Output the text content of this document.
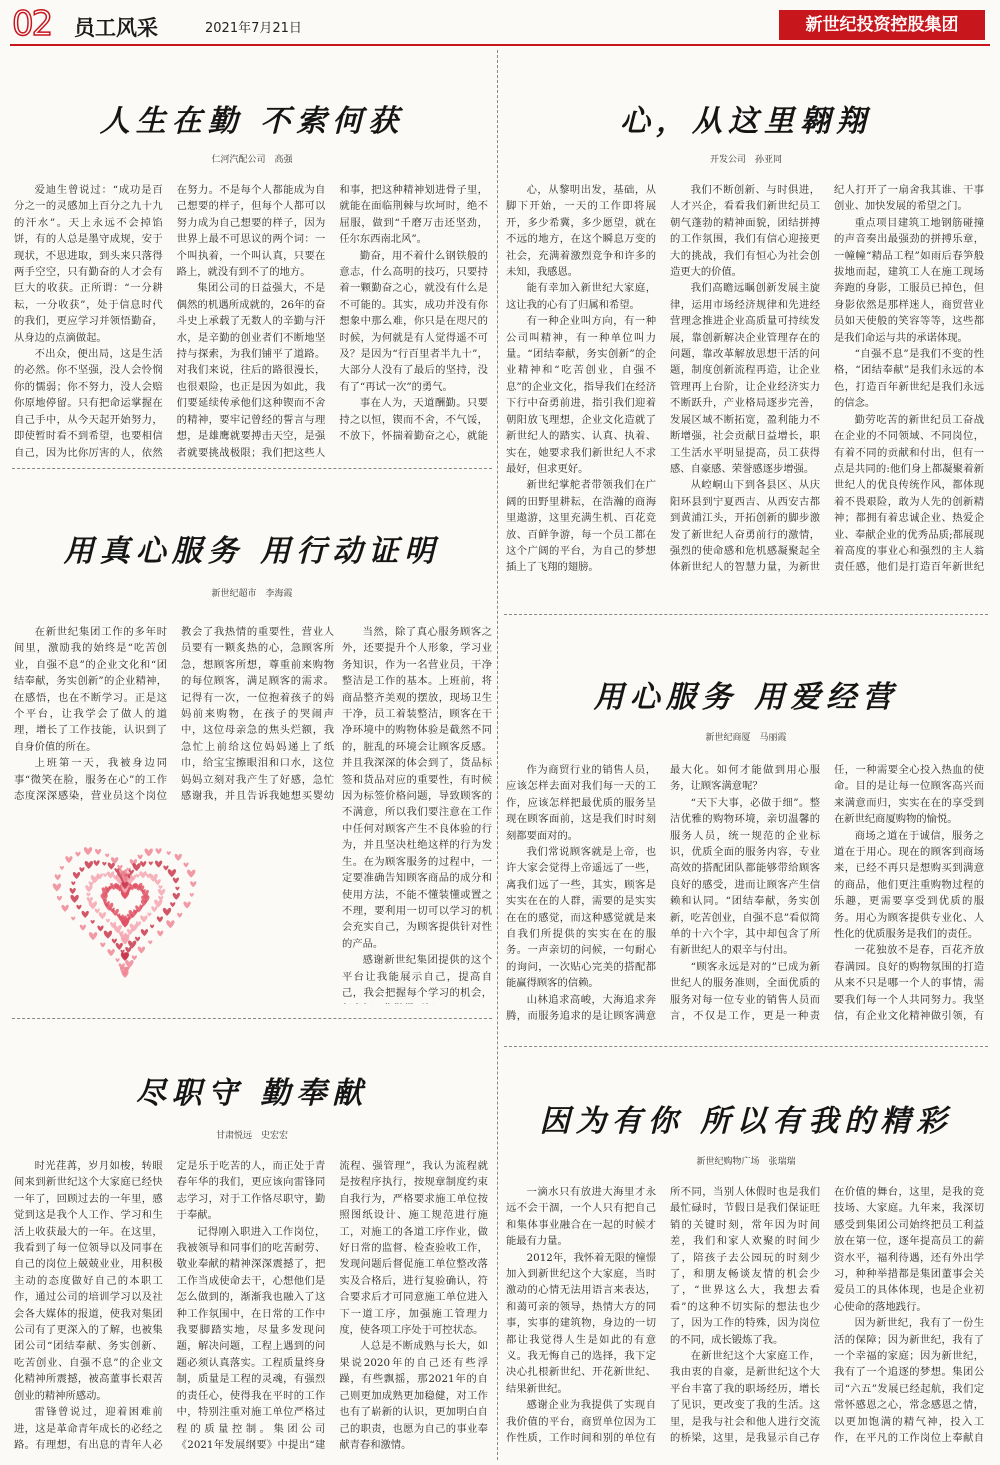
02 员工风采	2021年7月21日	新世纪投资控股集团
人生在勤 不索何获
仁河汽配公司　高强

爱迪生曾说过：“成功是百分之一的灵感加上百分之九十九的汗水”。天上永远不会掉馅饼，有的人总是墨守成规，安于现状，不思进取，到头来只落得两手空空，只有勤奋的人才会有巨大的收获。正所谓：“一分耕耘，一分收获”，处于信息时代的我们，更应学习并领悟勤奋，从身边的点滴做起。

不出众，便出局，这是生活的必然。你不坚强，没人会怜悯你的懦弱；你不努力，没人会赔你原地停留。只有把命运掌握在自己手中，从今天起开始努力，即使暂时看不到希望，也要相信自己，因为比你厉害的人，依然在努力。不是每个人都能成为自己想要的样子，但每个人都可以努力成为自己想要的样子，因为世界上最不可思议的两个词：一个叫执着，一个叫认真，只要在路上，就没有到不了的地方。

集团公司的日益强大，不是偶然的机遇所成就的，26年的奋斗史上承载了无数人的辛勤与汗水，是辛勤的创业者们不断地坚持与探索，为我们铺平了道路。对我们来说，往后的路很漫长，也很艰险，也正是因为如此，我们要延续传承他们这种锲而不舍的精神，要牢记曾经的誓言与理想，是雄鹰就要搏击天空，是强者就要挑战极限；我们把这些人和事，把这种精神划进骨子里，就能在面临荆棘与坎坷时，绝不屈服，做到“千磨万击还坚劲，任尔东西南北风”。

勤奋，用不着什么钢铁般的意志，什么高明的技巧，只要持着一颗勤奋之心，就没有什么是不可能的。其实，成功并没有你想象中那么难，你只是在咫尺的时候，为何就是有人觉得遥不可及？是因为“行百里者半九十”，大部分人没有了最后的坚持，没有了“再试一次”的勇气。

事在人为，天道酬勤。只要持之以恒，锲而不舍，不气馁，不放下，怀揣着勤奋之心，就能

心，从这里翱翔
开发公司　孙亚同

心，从黎明出发，基础，从脚下开始，一天的工作即将展开，多少希冀，多少愿望，就在不远的地方，在这个瞬息万变的社会，充满着激烈竞争和许多的未知，我感恩。

能有幸加入新世纪大家庭，这让我的心有了归属和希望。

有一种企业叫方向，有一种公司叫精神，有一种单位叫力量。“团结奉献，务实创新”的企业精神和“吃苦创业，自强不息”的企业文化，指导我们在经济下行中奋勇前进，指引我们迎着朝阳放飞理想，企业文化造就了新世纪人的踏实、认真、执着、实在，她要求我们新世纪人不求最好，但求更好。

新世纪掌舵者带领我们在广阔的田野里耕耘，在浩瀚的商海里遨游，这里充满生机、百花竞放、百鲜争游，每一个员工都在这个广阔的平台，为自己的梦想插上了飞翔的翅膀。

我们不断创新、与时俱进，人才兴企，看看我们新世纪员工朝气蓬勃的精神面貌，团结拼搏的工作氛围，我们有信心迎接更大的挑战，我们有恒心为社会创造更大的价值。

我们高瞻远瞩创新发展主旋律，运用市场经济规律和先进经营理念推进企业高质量可持续发展，靠创新解决企业管理存在的问题，靠改革解放思想干活的问题，制度创新流程再造，让企业管理再上台阶，让企业经济实力不断跃升，产业格局逐步完善，发展区域不断拓宽，盈利能力不断增强，社会贡献日益增长，职工生活水平明显提高，员工获得感、自豪感、荣誉感逐步增强。

从崆峒山下到各县区、从庆阳环县到宁夏西吉、从西安古都到黄浦江头，开拓创新的脚步激发了新世纪人奋勇前行的激情，强烈的使命感和危机感凝聚起全体新世纪人的智慧力量，为新世纪人打开了一扇舍我其谁、干事创业、加快发展的希望之门。

重点项目建筑工地钢筋碰撞的声音奏出最强劲的拼搏乐章，一幢幢“精品工程”如雨后春笋般拔地而起，建筑工人在施工现场奔跑的身影，工服员已掉色，但身影依然是那样迷人，商贸营业员如天使般的笑容等等，这些都是我们命运与共的承诺体现。

“自强不息”是我们不变的性格，“团结奉献”是我们永远的本色，打造百年新世纪是我们永远的信念。

勤劳吃苦的新世纪员工奋战在企业的不同领域、不同岗位，有着不同的贡献和付出，但有一点是共同的:他们身上都凝聚着新世纪人的优良传统作风，都体现着不畏艰险，敢为人先的创新精神；都拥有着忠诚企业、热爱企业、奉献企业的优秀品质;都展现着高度的事业心和强烈的主人翁责任感，他们是打造百年新世纪

用真心服务 用行动证明
新世纪超市　李海霞

在新世纪集团工作的多年时间里，激励我的始终是“吃苦创业，自强不息”的企业文化和“团结奉献，务实创新”的企业精神，在感悟，也在不断学习。正是这个平台，让我学会了做人的道理，增长了工作技能，认识到了自身价值的所在。

上班第一天，我被身边同事“微笑在脸，服务在心”的工作态度深深感染，营业员这个岗位教会了我热情的重要性，营业人员要有一颗炙热的心，急顾客所急，想顾客所想，尊重前来购物的每位顾客，满足顾客的需求。记得有一次，一位抱着孩子的妈妈前来购物，在孩子的哭闹声中，这位母亲急的焦头烂额，我急忙上前给这位妈妈递上了纸巾，给宝宝擦眼泪和口水，这位妈妈立刻对我产生了好感，急忙感谢我，并且告诉我她想买婴幼

当然，除了真心服务顾客之外，还要提升个人形象，学习业务知识，作为一名营业员，干净整洁是工作的基本。上班前，将商品整齐美观的摆放，现场卫生干净，员工着装整洁，顾客在干净环境中的购物体验是截然不同的，脏乱的环境会让顾客反感。并且我深深的体会到了，货品标签和货品对应的重要性，有时候因为标签价格问题，导致顾客的不满意，所以我们要注意在工作中任何对顾客产生不良体验的行为，并且坚决杜绝这样的行为发生。在为顾客服务的过程中，一定要准确告知顾客商品的成分和使用方法，不能不懂装懂或置之不理，要利用一切可以学习的机会充实自己，为顾客提供针对性的产品。

感谢新世纪集团提供的这个平台让我能展示自己，提高自己，我会把握每个学习的机会，

用心服务 用爱经营
新世纪商厦　马丽霞

作为商贸行业的销售人员，应该怎样去面对我们每一天的工作，应该怎样把最优质的服务呈现在顾客面前，这是我们时时刻刻都要面对的。

我们常说顾客就是上帝，也许大家会觉得上帝遥远了一些，离我们远了一些，其实，顾客是实实在在的人群，需要的是实实在在的感觉，而这种感觉就是来自我们所提供的实实在在的服务。一声亲切的问候，一句耐心的询问，一次贴心完美的搭配都能赢得顾客的信赖。

山林追求高峻，大海追求奔腾，而服务追求的是让顾客满意最大化。如何才能做到用心服务，让顾客满意呢？

“天下大事，必做于细”。整洁优雅的购物环境，亲切温馨的服务人员，统一规范的企业标识，优质全面的服务内容，专业高效的搭配团队都能够带给顾客良好的感受，进而让顾客产生信赖和认同。“团结奉献，务实创新，吃苦创业，自强不息”看似简单的十六个字，其中却包含了所有新世纪人的艰辛与付出。

“顾客永远是对的”已成为新世纪人的服务准则，全面优质的服务对每一位专业的销售人员而言，不仅是工作，更是一种责任，一种需要全心投入热血的使命。目的是让每一位顾客高兴而来满意而归，实实在在的享受到在新世纪商厦购物的愉悦。

商场之道在于诚信，服务之道在于用心。现在的顾客到商场来，已经不再只是想购买到满意的商品，他们更注重购物过程的乐趣，更需要享受到优质的服务。用心为顾客提供专业化、人性化的优质服务是我们的责任。

一花独放不是春，百花齐放春满园。良好的购物氛围的打造从来不只是哪一个人的事情，需要我们每一个人共同努力。我坚信，有企业文化精神做引领，有

尽职守 勤奉献
甘肃悦远　史宏宏

时光荏苒，岁月如梭，转眼间来到新世纪这个大家庭已经快一年了，回顾过去的一年里，感觉到这是我个人工作、学习和生活上收获最大的一年。在这里，我看到了每一位领导以及同事在自己的岗位上兢兢业业，用积极主动的态度做好自己的本职工作，通过公司的培训学习以及社会各大媒体的报道，使我对集团公司有了更深入的了解，也被集团公司“团结奉献、务实创新、吃苦创业、自强不息”的企业文化精神所震撼，被高董事长艰苦创业的精神所感动。

雷锋曾说过，迎着困难前进，这是革命青年成长的必经之路。有理想，有出息的青年人必定是乐于吃苦的人，而正处于青春年华的我们，更应该向雷锋同志学习，对于工作恪尽职守，勤于奉献。

记得刚入职进入工作岗位，我被领导和同事们的吃苦耐劳、敬业奉献的精神深深震撼了，把工作当成使命去干，心想他们是怎么做到的，渐渐我也融入了这种工作氛围中，在日常的工作中我要脚踏实地，尽量多发现问题，解决问题，工程上遇到的问题必须认真落实。工程质量终身制，质量是工程的灵魂，有强烈的责任心，使得我在平时的工作中，特别注重对施工单位严格过程的质量控制。集团公司《2021年发展纲要》中提出“建流程、强管理”，我认为流程就是按程序执行，按规章制度约束自我行为，严格要求施工单位按照图纸设计、施工规范进行施工，对施工的各道工序作业，做好日常的监督、检查验收工作，发现问题后督促施工单位整改落实及合格后，进行复验确认，符合要求后才可同意施工单位进入下一道工序，加强施工管理力度，使各项工序处于可控状态。

人总是不断成熟与长大，如果说2020年的自己还有些浮躁，有些飘摇，那2021年的自己则更加成熟更加稳健，对工作也有了崭新的认识，更加明白自己的职责，也愿为自己的事业奉献青春和激情。

因为有你 所以有我的精彩
新世纪购物广场　张瑞瑞

一滴水只有放进大海里才永远不会干涸，一个人只有把自己和集体事业融合在一起的时候才能最有力量。

2012年，我怀着无限的憧憬加入到新世纪这个大家庭，当时激动的心情无法用语言来表达，和蔼可亲的领导，热情大方的同事，实事的建筑物，身边的一切都让我觉得人生是如此的有意义。我无悔自己的选择，我下定决心扎根新世纪、开花新世纪、结果新世纪。

感谢企业为我提供了实现自我价值的平台，商贸单位因为工作性质，工作时间和别的单位有所不同，当别人休假时也是我们最忙碌时，节假日是我们保证旺销的关键时刻，常年因为时间差，我们和家人欢聚的时间少了，陪孩子去公园玩的时刻少了，和朋友畅谈友情的机会少了，“世界这么大，我想去看看”的这种不切实际的想法也少了，因为工作的特殊，因为岗位的不同，成长锻炼了我。

在新世纪这个大家庭工作，我由衷的自豪，是新世纪这个大平台丰富了我的职场经历，增长了见识，更改变了我的生活。这里，是我与社会和他人进行交流的桥梁，这里，是我显示自己存在价值的舞台，这里，是我的竞技场、大家庭。九年来，我深切感受到集团公司始终把员工利益放在第一位，逐年提高员工的薪资水平，福利待遇，还有外出学习，种种举措都是集团董事会关爱员工的具体体现，也是企业初心使命的落地践行。

因为新世纪，我有了一份生活的保障；因为新世纪，我有了一个幸福的家庭；因为新世纪，我有了一个追逐的梦想。集团公司“六五”发展已经起航，我们定常怀感恩之心，常念感恩之情，以更加饱满的精气神，投入工作，在平凡的工作岗位上奉献自
